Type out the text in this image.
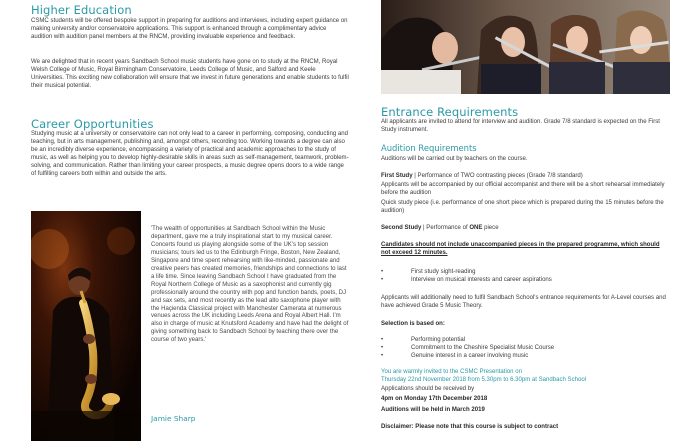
Higher Education

CSMC students will be offered bespoke support in preparing for auditions and interviews, including expert guidance on making university and/or conservatoire applications. This support is enhanced through a complimentary advice audition with audition panel members at the RNCM, providing invaluable experience and feedback.

We are delighted that in recent years Sandbach School music students have gone on to study at the RNCM, Royal Welsh College of Music, Royal Birmingham Conservatoire, Leeds College of Music, and Salford and Keele Universities. This exciting new collaboration will ensure that we invest in future generations and enable students to fulfil their musical potential.

Career Opportunities

Studying music at a university or conservatoire can not only lead to a career in performing, composing, conducting and teaching, but in arts management, publishing and, amongst others, recording too. Working towards a degree can also be an incredibly diverse experience, encompassing a variety of practical and academic approaches to the study of music, as well as helping you to develop highly-desirable skills in areas such as self-management, teamwork, problem-solving, and communication. Rather than limiting your career prospects, a music degree opens doors to a wide range of fulfilling careers both within and outside the arts.

'The wealth of opportunities at Sandbach School within the Music department, gave me a truly inspirational start to my musical career. Concerts found us playing alongside some of the UK's top session musicians; tours led us to the Edinburgh Fringe, Boston, New Zealand, Singapore and time spent rehearsing with like-minded, passionate and creative peers has created memories, friendships and connections to last a life time. Since leaving Sandbach School I have graduated from the Royal Northern College of Music as a saxophonist and currently gig professionally around the country with pop and function bands, poets, DJ and sax sets, and most recently as the lead alto saxophone player with the Haçienda Classical project with Manchester Camerata at numerous venues across the UK including Leeds Arena and Royal Albert Hall. I'm also in charge of music at Knutsford Academy and have had the delight of giving something back to Sandbach School by teaching there over the course of two years.'

Jamie Sharp
Entrance Requirements

All applicants are invited to attend for interview and audition. Grade 7/8 standard is expected on the First Study instrument.

Audition Requirements

Auditions will be carried out by teachers on the course.

First Study | Performance of TWO contrasting pieces (Grade 7/8 standard)

Applicants will be accompanied by our official accompanist and there will be a short rehearsal immediately before the audition

Quick study piece (i.e. performance of one short piece which is prepared during the 15 minutes before the audition)

Second Study | Performance of ONE piece

Candidates should not include unaccompanied pieces in the prepared programme, which should not exceed 12 minutes.

• First study sight-reading
• Interview on musical interests and career aspirations

Applicants will additionally need to fulfil Sandbach School's entrance requirements for A-Level courses and have achieved Grade 5 Music Theory.

Selection is based on:

• Performing potential
• Commitment to the Cheshire Specialist Music Course
• Genuine interest in a career involving music

You are warmly invited to the CSMC Presentation on
Thursday 22nd November 2018 from 5.30pm to 6.30pm at Sandbach School

Applications should be received by

4pm on Monday 17th December 2018

Auditions will be held in March 2019

Disclaimer: Please note that this course is subject to contract
